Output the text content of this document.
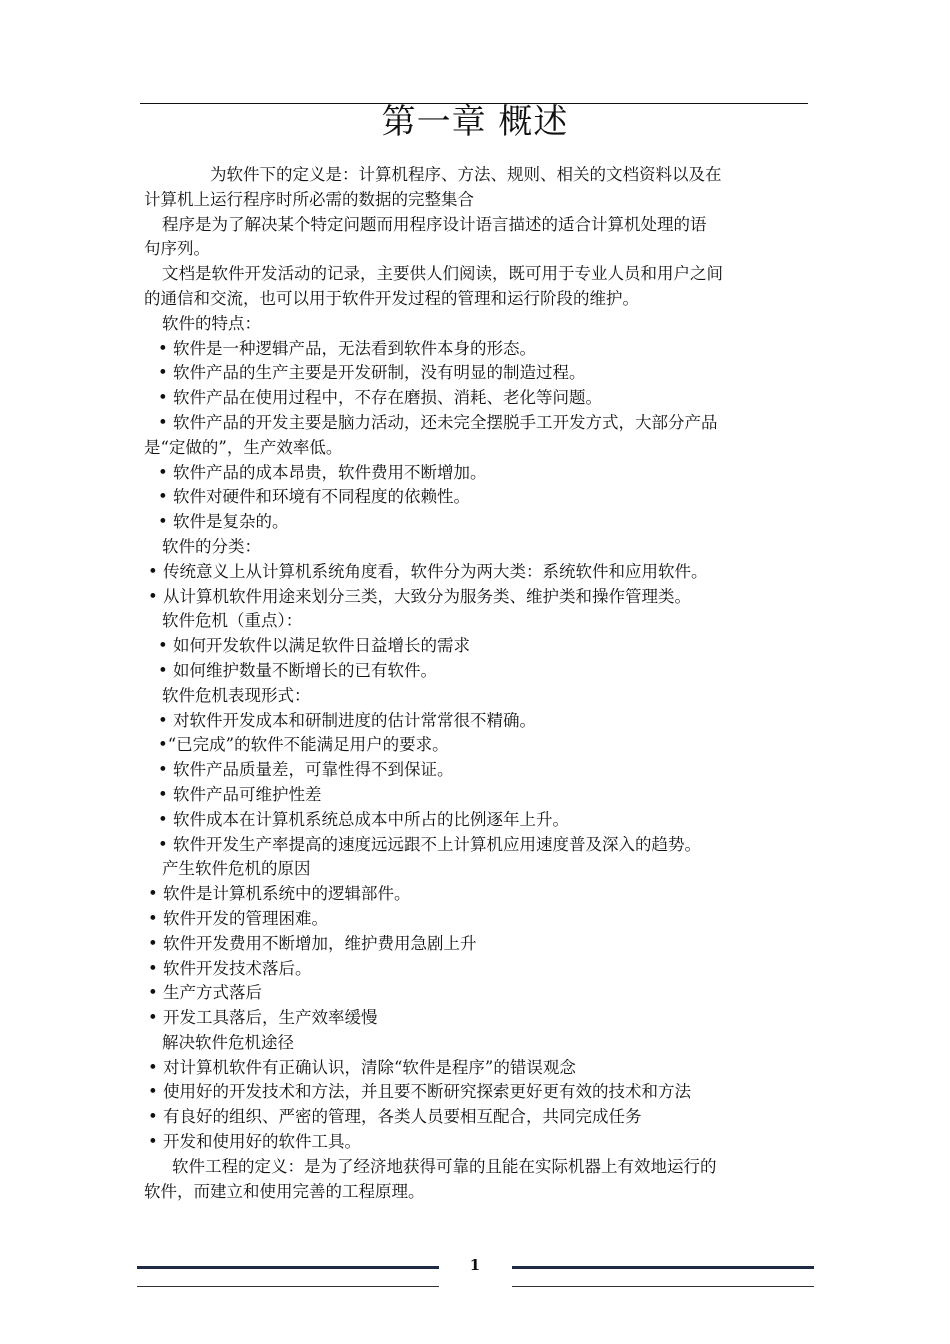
第一章 概述
为软件下的定义是：计算机程序、方法、规则、相关的文档资料以及在
计算机上运行程序时所必需的数据的完整集合
程序是为了解决某个特定问题而用程序设计语言描述的适合计算机处理的语
句序列。
文档是软件开发活动的记录，主要供人们阅读，既可用于专业人员和用户之间
的通信和交流，也可以用于软件开发过程的管理和运行阶段的维护。
软件的特点：
• 软件是一种逻辑产品，无法看到软件本身的形态。
• 软件产品的生产主要是开发研制，没有明显的制造过程。
• 软件产品在使用过程中，不存在磨损、消耗、老化等问题。
• 软件产品的开发主要是脑力活动，还未完全摆脱手工开发方式，大部分产品
是“定做的”，生产效率低。
• 软件产品的成本昂贵，软件费用不断增加。
• 软件对硬件和环境有不同程度的依赖性。
• 软件是复杂的。
软件的分类：
• 传统意义上从计算机系统角度看，软件分为两大类：系统软件和应用软件。
• 从计算机软件用途来划分三类，大致分为服务类、维护类和操作管理类。
软件危机（重点）：
• 如何开发软件以满足软件日益增长的需求
• 如何维护数量不断增长的已有软件。
软件危机表现形式：
• 对软件开发成本和研制进度的估计常常很不精确。
•“已完成”的软件不能满足用户的要求。
• 软件产品质量差，可靠性得不到保证。
• 软件产品可维护性差
• 软件成本在计算机系统总成本中所占的比例逐年上升。
• 软件开发生产率提高的速度远远跟不上计算机应用速度普及深入的趋势。
产生软件危机的原因
• 软件是计算机系统中的逻辑部件。
• 软件开发的管理困难。
• 软件开发费用不断增加，维护费用急剧上升
• 软件开发技术落后。
• 生产方式落后
• 开发工具落后，生产效率缓慢
解决软件危机途径
• 对计算机软件有正确认识，清除“软件是程序”的错误观念
• 使用好的开发技术和方法，并且要不断研究探索更好更有效的技术和方法
• 有良好的组织、严密的管理，各类人员要相互配合，共同完成任务
• 开发和使用好的软件工具。
软件工程的定义：是为了经济地获得可靠的且能在实际机器上有效地运行的
软件，而建立和使用完善的工程原理。
1
